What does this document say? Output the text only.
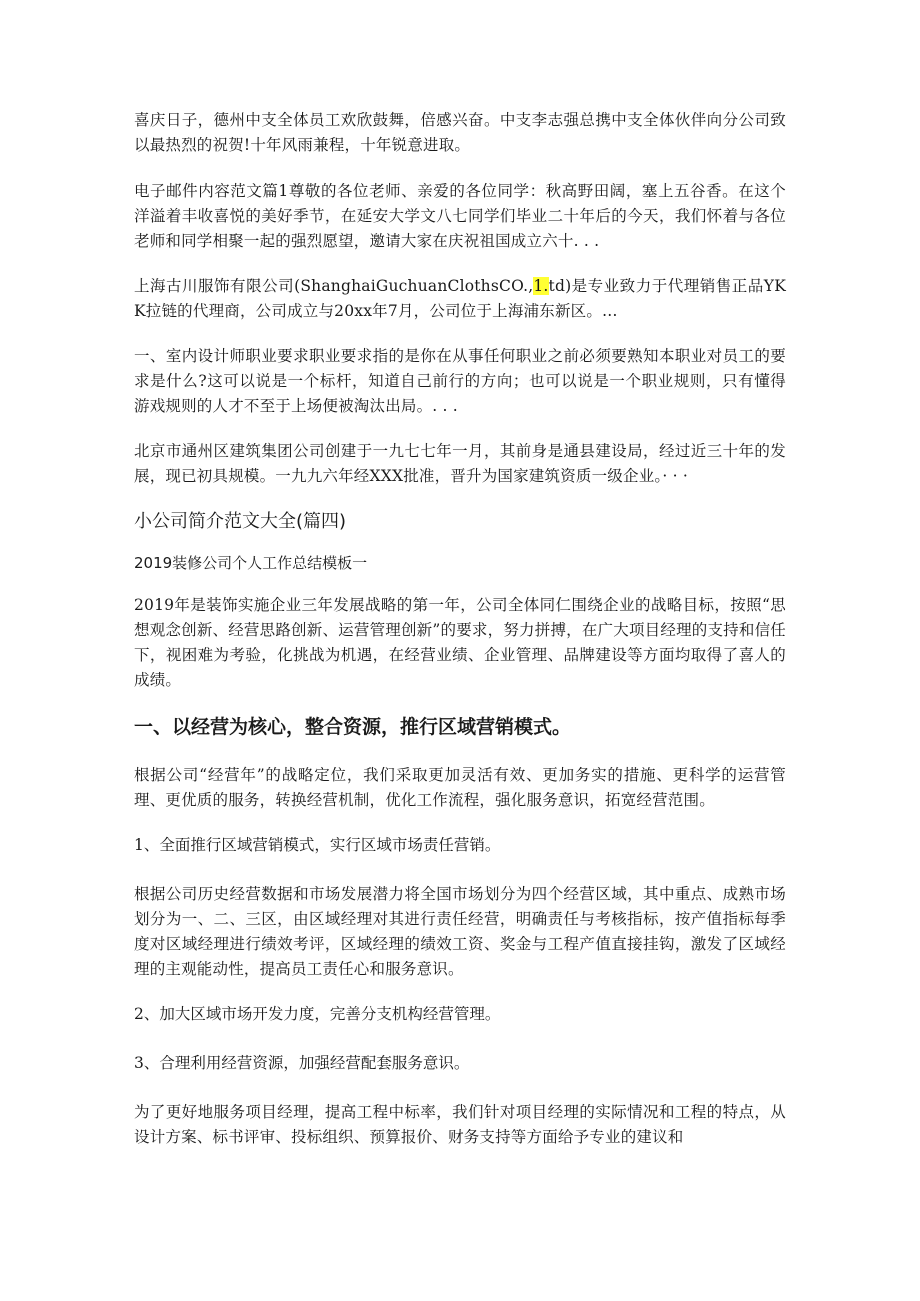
喜庆日子，德州中支全体员工欢欣鼓舞，倍感兴奋。中支李志强总携中支全体伙伴向分公司致以最热烈的祝贺!十年风雨兼程，十年锐意进取。

电子邮件内容范文篇1尊敬的各位老师、亲爱的各位同学：秋高野田阔，塞上五谷香。在这个洋溢着丰收喜悦的美好季节，在延安大学文八七同学们毕业二十年后的今天，我们怀着与各位老师和同学相聚一起的强烈愿望，邀请大家在庆祝祖国成立六十. . .

上海古川服饰有限公司(ShanghaiGuchuanClothsCO.,1.td)是专业致力于代理销售正品YKK拉链的代理商，公司成立与20xx年7月，公司位于上海浦东新区。…

一、室内设计师职业要求职业要求指的是你在从事任何职业之前必须要熟知本职业对员工的要求是什么?这可以说是一个标杆，知道自己前行的方向；也可以说是一个职业规则，只有懂得游戏规则的人才不至于上场便被淘汰出局。. . .

北京市通州区建筑集团公司创建于一九七七年一月，其前身是通县建设局，经过近三十年的发展，现已初具规模。一九九六年经XXX批准，晋升为国家建筑资质一级企业。· · ·

小公司简介范文大全(篇四)
2019装修公司个人工作总结模板一

2019年是装饰实施企业三年发展战略的第一年，公司全体同仁围绕企业的战略目标，按照“思想观念创新、经营思路创新、运营管理创新”的要求，努力拼搏，在广大项目经理的支持和信任下，视困难为考验，化挑战为机遇，在经营业绩、企业管理、品牌建设等方面均取得了喜人的成绩。

一、以经营为核心，整合资源，推行区域营销模式。

根据公司“经营年”的战略定位，我们采取更加灵活有效、更加务实的措施、更科学的运营管理、更优质的服务，转换经营机制，优化工作流程，强化服务意识，拓宽经营范围。

1、全面推行区域营销模式，实行区域市场责任营销。

根据公司历史经营数据和市场发展潜力将全国市场划分为四个经营区域，其中重点、成熟市场划分为一、二、三区，由区域经理对其进行责任经营，明确责任与考核指标，按产值指标每季度对区域经理进行绩效考评，区域经理的绩效工资、奖金与工程产值直接挂钩，激发了区域经理的主观能动性，提高员工责任心和服务意识。

2、加大区域市场开发力度，完善分支机构经营管理。
3、合理利用经营资源，加强经营配套服务意识。

为了更好地服务项目经理，提高工程中标率，我们针对项目经理的实际情况和工程的特点，从设计方案、标书评审、投标组织、预算报价、财务支持等方面给予专业的建议和
